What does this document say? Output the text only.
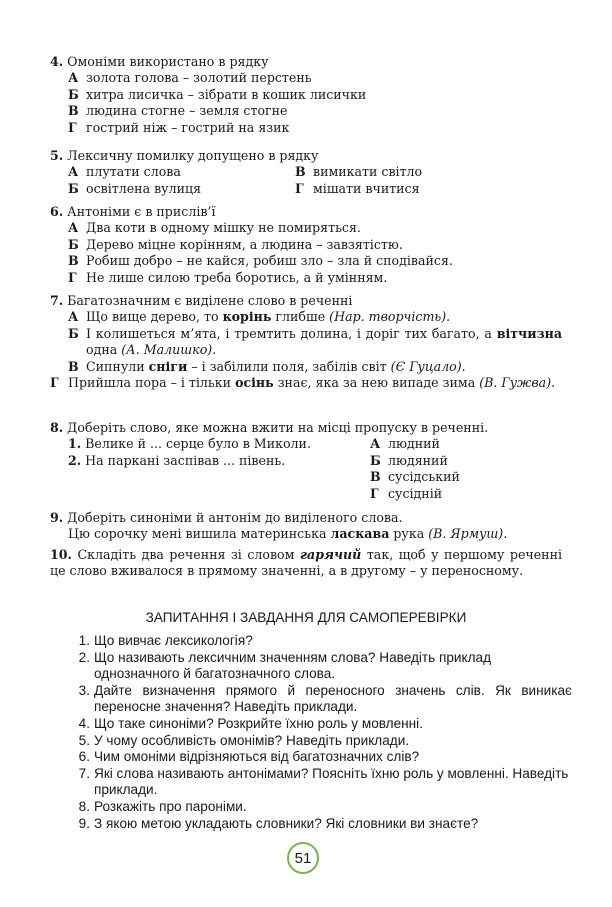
4. Омоніми використано в рядку
А золота голова – золотий перстень
Б хитра лисичка – зібрати в кошик лисички
В людина стогне – земля стогне
Г гострий ніж – гострий на язик
5. Лексичну помилку допущено в рядку
А плутати слова	В вимикати світло
Б освітлена вулиця	Г мішати вчитися
6. Антоніми є в прислів’ї
А Два коти в одному мішку не помиряться.
Б Дерево міцне корінням, а людина – завзятістю.
В Робиш добро – не кайся, робиш зло – зла й сподівайся.
Г Не лише силою треба боротись, а й умінням.
7. Багатозначним є виділене слово в реченні
А Що вище дерево, то корінь глибше (Нар. творчість).
Б І колишеться м’ята, і тремтить долина, і доріг тих багато, а вітчизна одна (А. Малишко).
В Сипнули сніги – і забілили поля, забілів світ (Є Гуцало).
Г Прийшла пора – і тільки осінь знає, яка за нею випаде зима (В. Гужва).
8. Доберіть слово, яке можна вжити на місці пропуску в реченні.
1. Велике й ... серце було в Миколи.
2. На паркані заспівав ... півень.
А людний
Б людяний
В сусідський
Г сусідній
9. Доберіть синоніми й антонім до виділеного слова.
Цю сорочку мені вишила материнська ласкава рука (В. Ярмуш).
10. Складіть два речення зі словом гарячий так, щоб у першому реченні це слово вживалося в прямому значенні, а в другому – у переносному.
ЗАПИТАННЯ І ЗАВДАННЯ ДЛЯ САМОПЕРЕВІРКИ
1. Що вивчає лексикологія?
2. Що називають лексичним значенням слова? Наведіть приклад однозначного й багатозначного слова.
3. Дайте визначення прямого й переносного значень слів. Як виникає переносне значення? Наведіть приклади.
4. Що таке синоніми? Розкрийте їхню роль у мовленні.
5. У чому особливість омонімів? Наведіть приклади.
6. Чим омоніми відрізняються від багатозначних слів?
7. Які слова називають антонімами? Поясніть їхню роль у мовленні. Наведіть приклади.
8. Розкажіть про пароніми.
9. З якою метою укладають словники? Які словники ви знаєте?
51
